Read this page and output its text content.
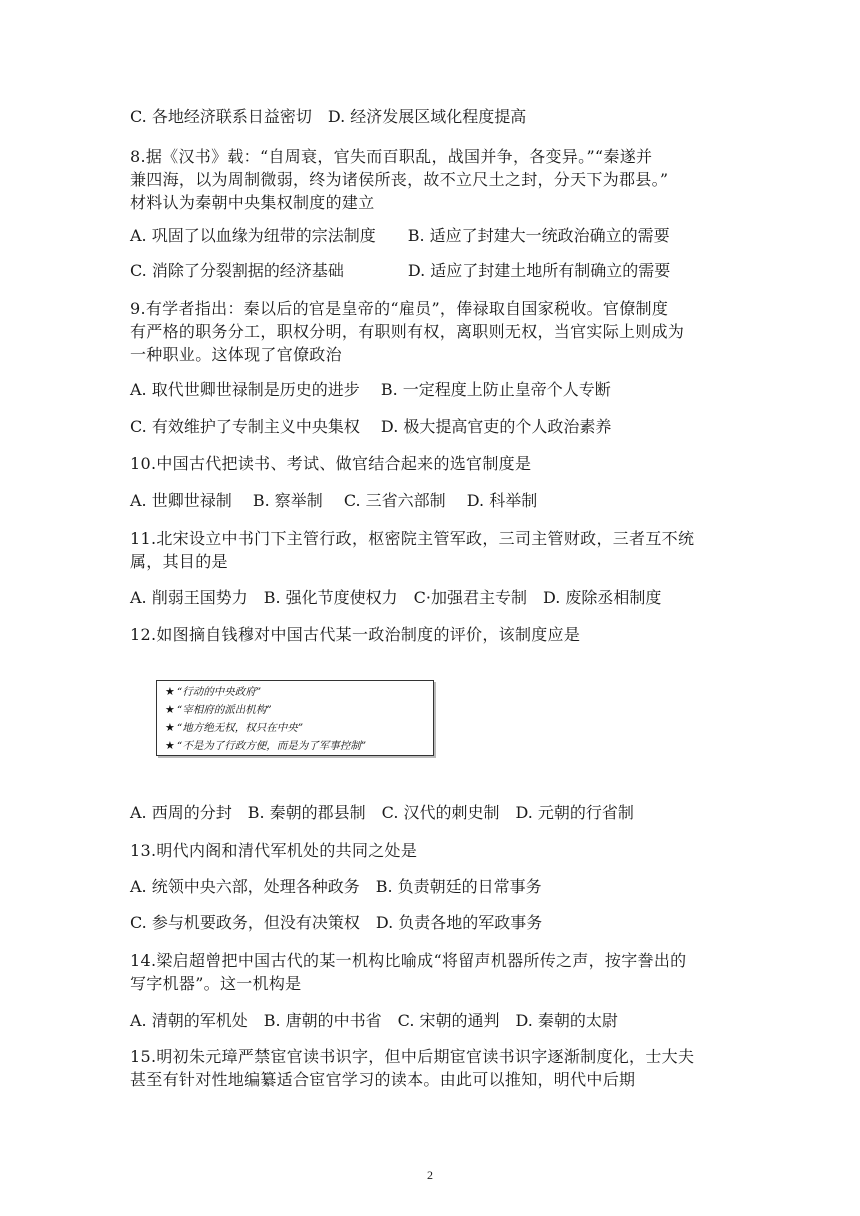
C. 各地经济联系日益密切　D. 经济发展区域化程度提高
8.据《汉书》载：“自周衰，官失而百职乱，战国并争，各变异。”“秦遂并
兼四海，以为周制微弱，终为诸侯所丧，故不立尺土之封，分天下为郡县。”
材料认为秦朝中央集权制度的建立
A. 巩固了以血缘为纽带的宗法制度　　B. 适应了封建大一统政治确立的需要
C. 消除了分裂割据的经济基础　　　　D. 适应了封建土地所有制确立的需要
9.有学者指出：秦以后的官是皇帝的“雇员”，俸禄取自国家税收。官僚制度
有严格的职务分工，职权分明，有职则有权，离职则无权，当官实际上则成为
一种职业。这体现了官僚政治
A. 取代世卿世禄制是历史的进步　 B. 一定程度上防止皇帝个人专断
C. 有效维护了专制主义中央集权　 D. 极大提高官吏的个人政治素养
10.中国古代把读书、考试、做官结合起来的选官制度是
A. 世卿世禄制　 B. 察举制　 C. 三省六部制　 D. 科举制
11.北宋设立中书门下主管行政，枢密院主管军政，三司主管财政，三者互不统
属，其目的是
A. 削弱王国势力　B. 强化节度使权力　C·加强君主专制　D. 废除丞相制度
12.如图摘自钱穆对中国古代某一政治制度的评价，该制度应是
★ “行动的中央政府”
★ “宰相府的派出机构”
★ “地方绝无权，权只在中央”
★ “不是为了行政方便，而是为了军事控制”
A. 西周的分封　B. 秦朝的郡县制　C. 汉代的刺史制　D. 元朝的行省制
13.明代内阁和清代军机处的共同之处是
A. 统领中央六部，处理各种政务　B. 负责朝廷的日常事务
C. 参与机要政务，但没有决策权　D. 负责各地的军政事务
14.梁启超曾把中国古代的某一机构比喻成“将留声机器所传之声，按字誊出的
写字机器”。这一机构是
A. 清朝的军机处　B. 唐朝的中书省　C. 宋朝的通判　D. 秦朝的太尉
15.明初朱元璋严禁宦官读书识字，但中后期宦官读书识字逐渐制度化，士大夫
甚至有针对性地编纂适合宦官学习的读本。由此可以推知，明代中后期
2
